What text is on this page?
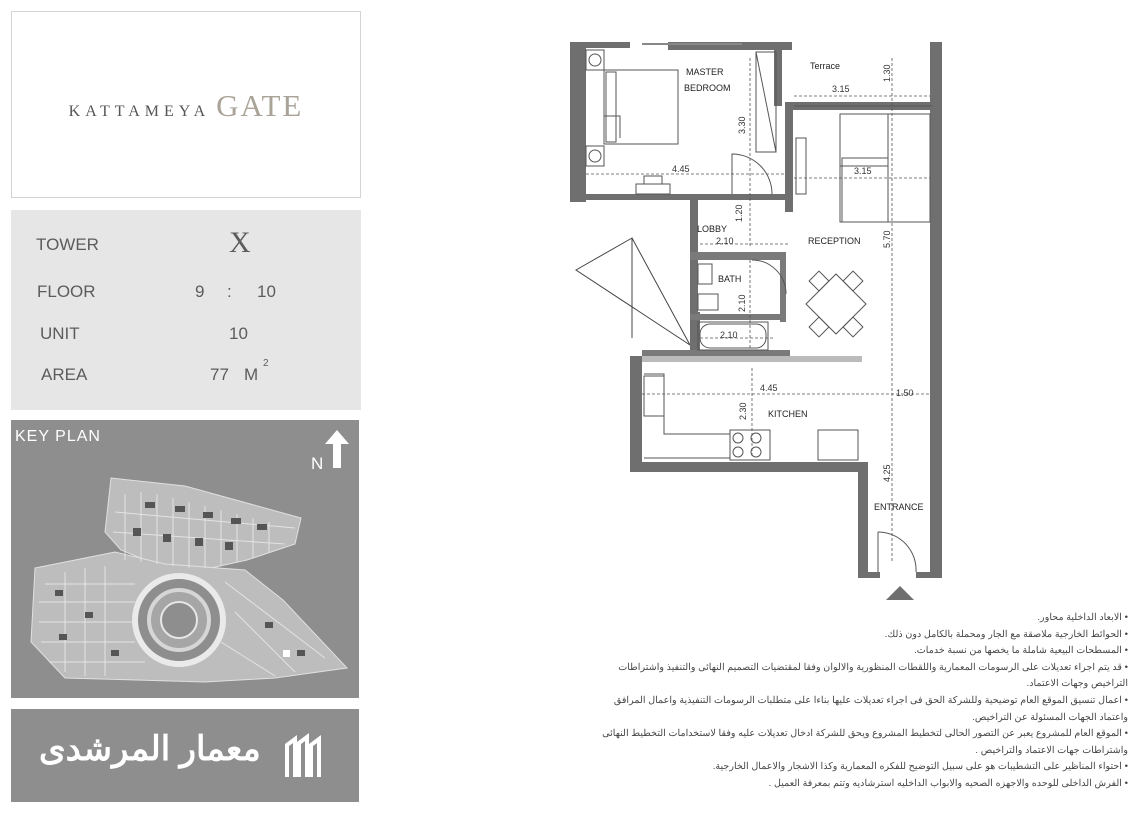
KATTAMEYA GATE
TOWER	X
FLOOR	9 : 10
UNIT	10
AREA	77 M
2
KEY PLAN
N
معمار المرشدى
MASTER
BEDROOM
Terrace
LOBBY
RECEPTION
BATH
KITCHEN
ENTRANCE
4.45
3.30
1.30
3.15
3.15
1.20
2.10	5.70
2.10
2.10
4.45
2.30
1.50
4.25
• الابعاد الداخلية محاور.
• الحوائط الخارجية ملاصقة مع الجار ومحملة بالكامل دون ذلك.
• المسطحات البيعية شاملة ما يخصها من نسبة خدمات.
• قد يتم اجراء تعديلات على الرسومات المعمارية واللقطات المنظورية والالوان وفقا لمقتضيات التصميم النهائى والتنفيذ واشتراطات
التراخيص وجهات الاعتماد.
• اعمال تنسيق الموقع العام توضيحية وللشركة الحق فى اجراء تعديلات عليها بناءا على متطلبات الرسومات التنفيذية واعمال المرافق
واعتماد الجهات المسئولة عن التراخيص.
• الموقع العام للمشروع يعبر عن التصور الحالى لتخطيط المشروع ويحق للشركة ادخال تعديلات عليه وفقا لاستخدامات التخطيط النهائى
واشتراطات جهات الاعتماد والتراخيص .
• احتواء المناظير على التشطيبات هو على سبيل التوضيح للفكره المعمارية وكذا الاشجار والاعمال الخارجية.
• الفرش الداخلى للوحده والاجهزه الصحيه والابواب الداخليه استرشاديه وتتم بمعرفة العميل .
